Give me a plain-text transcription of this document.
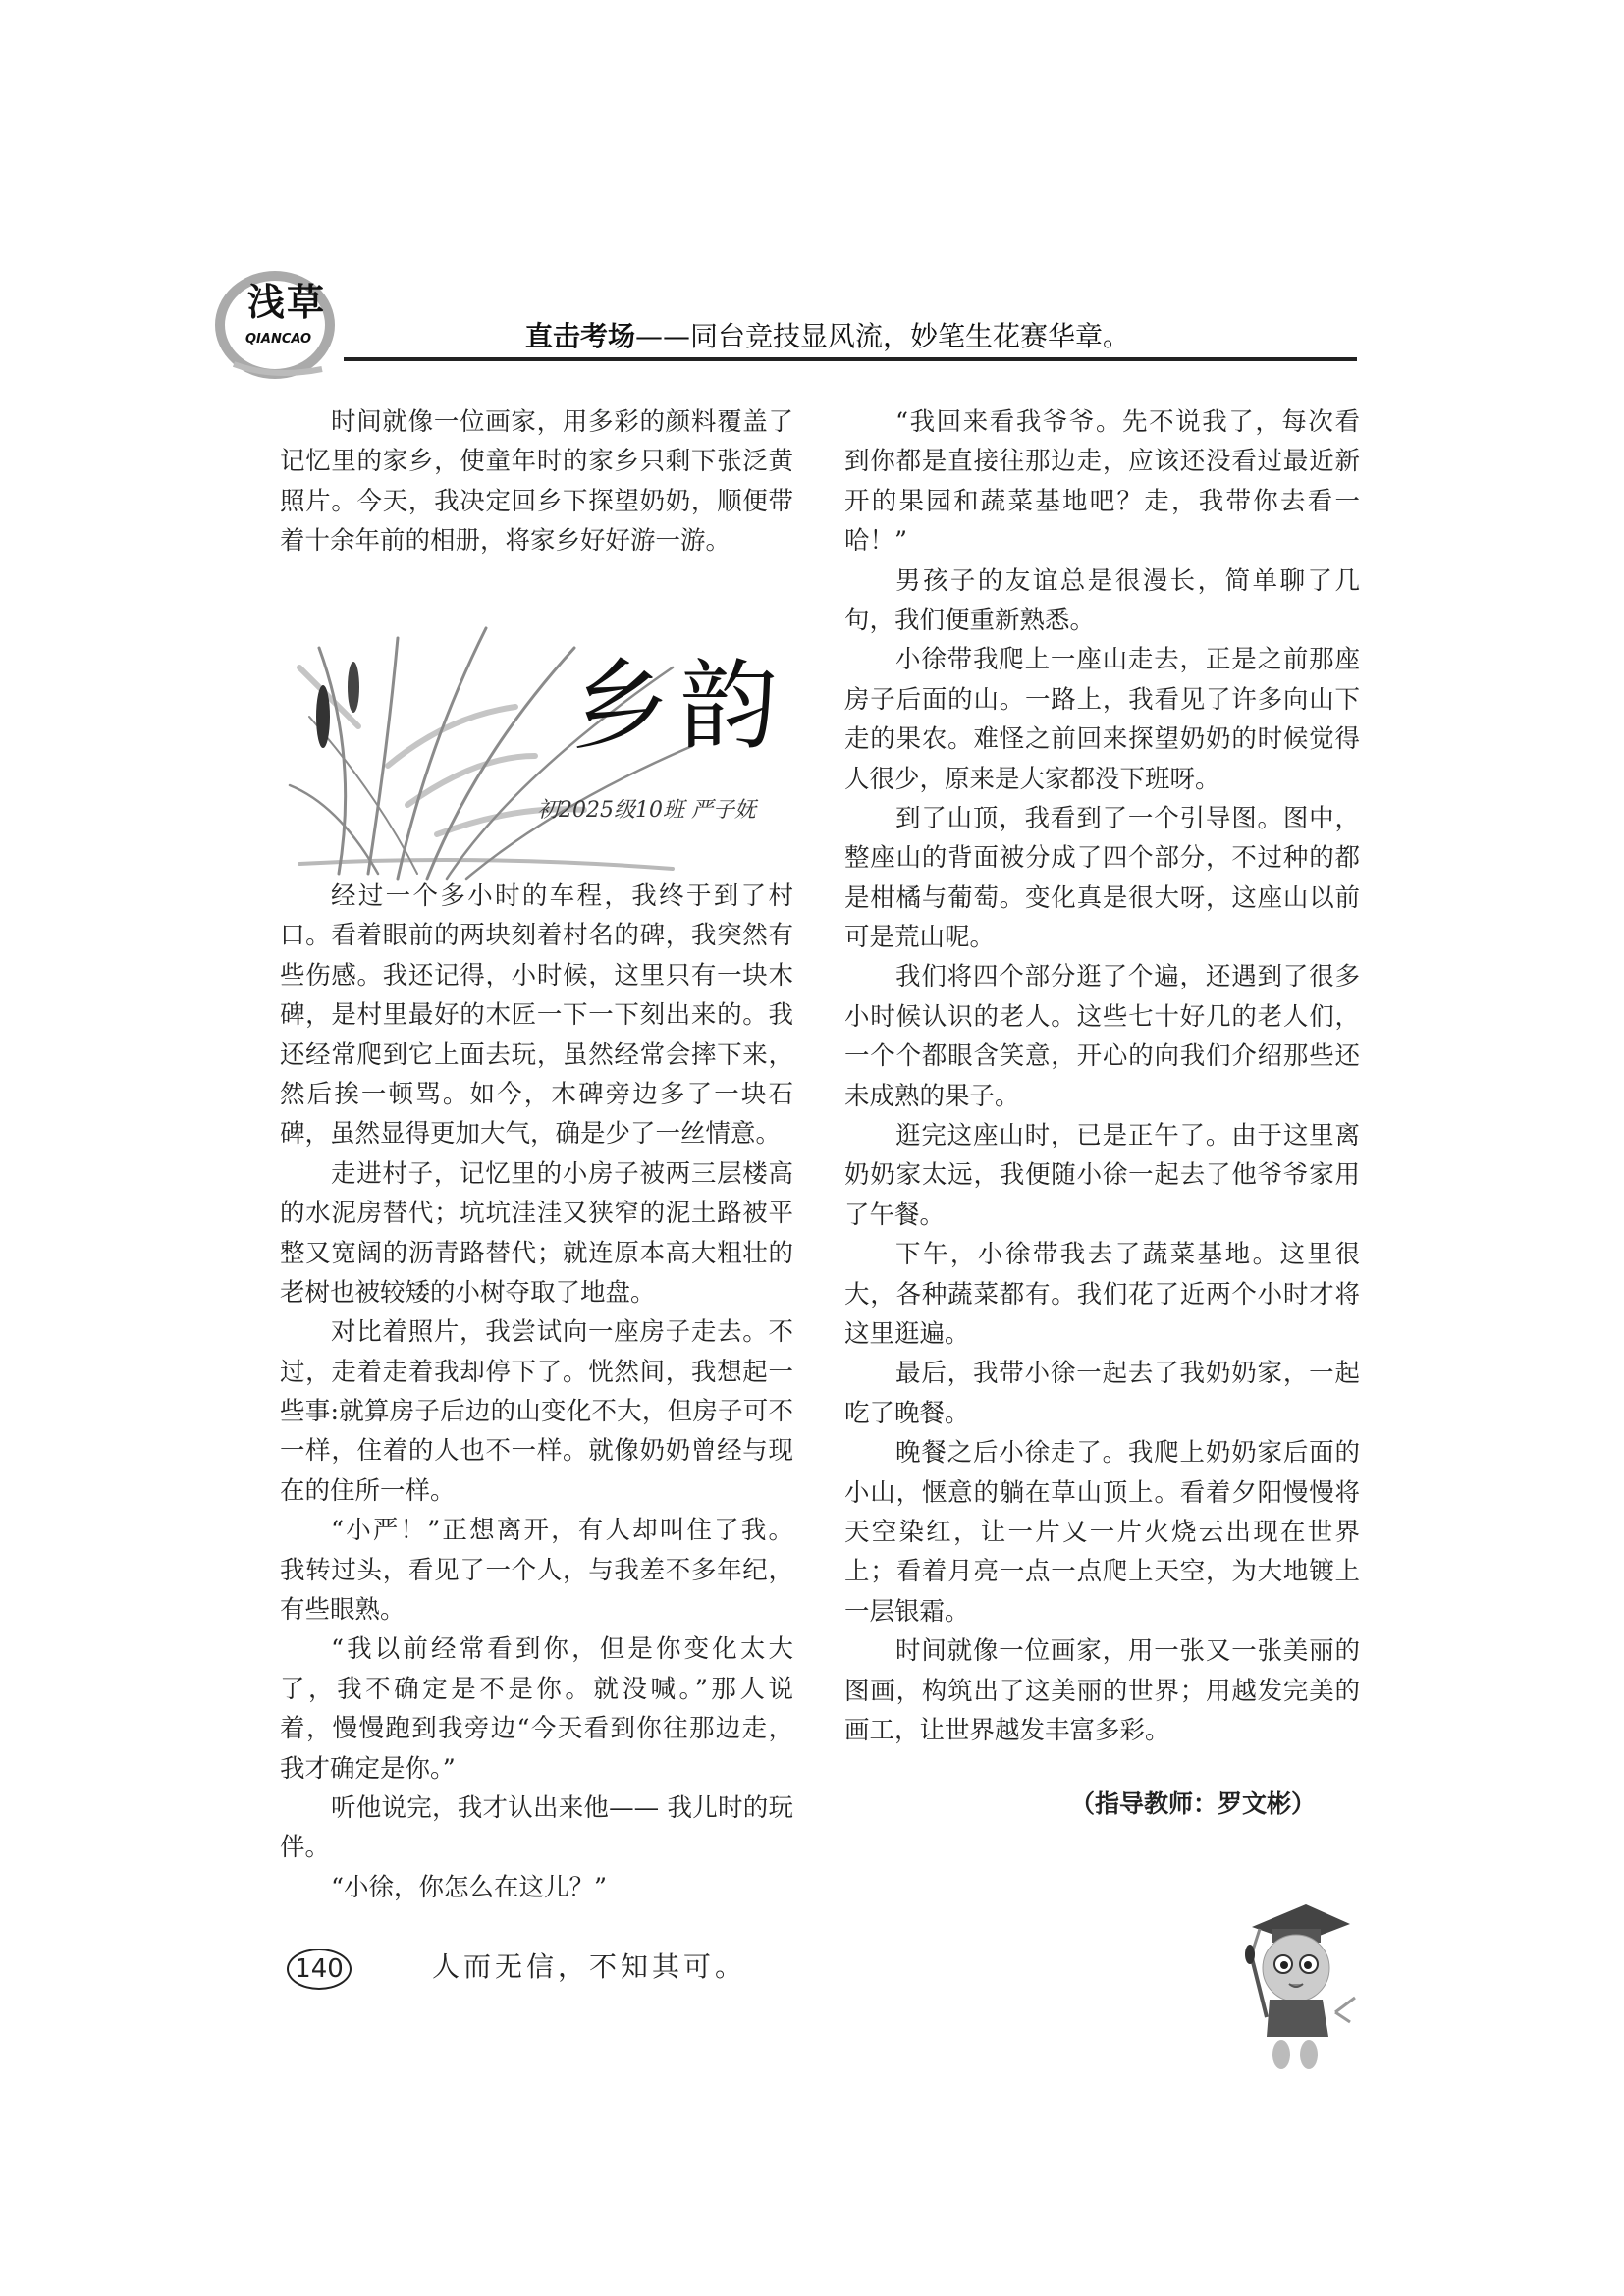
浅草
QIANCAO	直击考场——同台竞技显风流，妙笔生花赛华章。
时间就像一位画家，用多彩的颜料覆盖了
记忆里的家乡，使童年时的家乡只剩下张泛黄
照片。今天，我决定回乡下探望奶奶，顺便带
着十余年前的相册，将家乡好好游一游。
乡韵
初2025级10班 严子妩
经过一个多小时的车程，我终于到了村
口。看着眼前的两块刻着村名的碑，我突然有
些伤感。我还记得，小时候，这里只有一块木
碑，是村里最好的木匠一下一下刻出来的。我
还经常爬到它上面去玩，虽然经常会摔下来，
然后挨一顿骂。如今，木碑旁边多了一块石
碑，虽然显得更加大气，确是少了一丝情意。
走进村子，记忆里的小房子被两三层楼高
的水泥房替代；坑坑洼洼又狭窄的泥土路被平
整又宽阔的沥青路替代；就连原本高大粗壮的
老树也被较矮的小树夺取了地盘。
对比着照片，我尝试向一座房子走去。不
过，走着走着我却停下了。恍然间，我想起一
些事:就算房子后边的山变化不大，但房子可不
一样，住着的人也不一样。就像奶奶曾经与现
在的住所一样。
“小严！”正想离开，有人却叫住了我。
我转过头，看见了一个人，与我差不多年纪，
有些眼熟。
“我以前经常看到你，但是你变化太大
了，我不确定是不是你。就没喊。”那人说
着，慢慢跑到我旁边“今天看到你往那边走，
我才确定是你。”
听他说完，我才认出来他—— 我儿时的玩
伴。
“小徐，你怎么在这儿？”
“我回来看我爷爷。先不说我了，每次看
到你都是直接往那边走，应该还没看过最近新
开的果园和蔬菜基地吧？走，我带你去看一
哈！”
男孩子的友谊总是很漫长，简单聊了几
句，我们便重新熟悉。
小徐带我爬上一座山走去，正是之前那座
房子后面的山。一路上，我看见了许多向山下
走的果农。难怪之前回来探望奶奶的时候觉得
人很少，原来是大家都没下班呀。
到了山顶，我看到了一个引导图。图中，
整座山的背面被分成了四个部分，不过种的都
是柑橘与葡萄。变化真是很大呀，这座山以前
可是荒山呢。
我们将四个部分逛了个遍，还遇到了很多
小时候认识的老人。这些七十好几的老人们，
一个个都眼含笑意，开心的向我们介绍那些还
未成熟的果子。
逛完这座山时，已是正午了。由于这里离
奶奶家太远，我便随小徐一起去了他爷爷家用
了午餐。
下午，小徐带我去了蔬菜基地。这里很
大，各种蔬菜都有。我们花了近两个小时才将
这里逛遍。
最后，我带小徐一起去了我奶奶家，一起
吃了晚餐。
晚餐之后小徐走了。我爬上奶奶家后面的
小山，惬意的躺在草山顶上。看着夕阳慢慢将
天空染红，让一片又一片火烧云出现在世界
上；看着月亮一点一点爬上天空，为大地镀上
一层银霜。
时间就像一位画家，用一张又一张美丽的
图画，构筑出了这美丽的世界；用越发完美的
画工，让世界越发丰富多彩。
（指导教师：罗文彬）
140	人而无信，不知其可。
